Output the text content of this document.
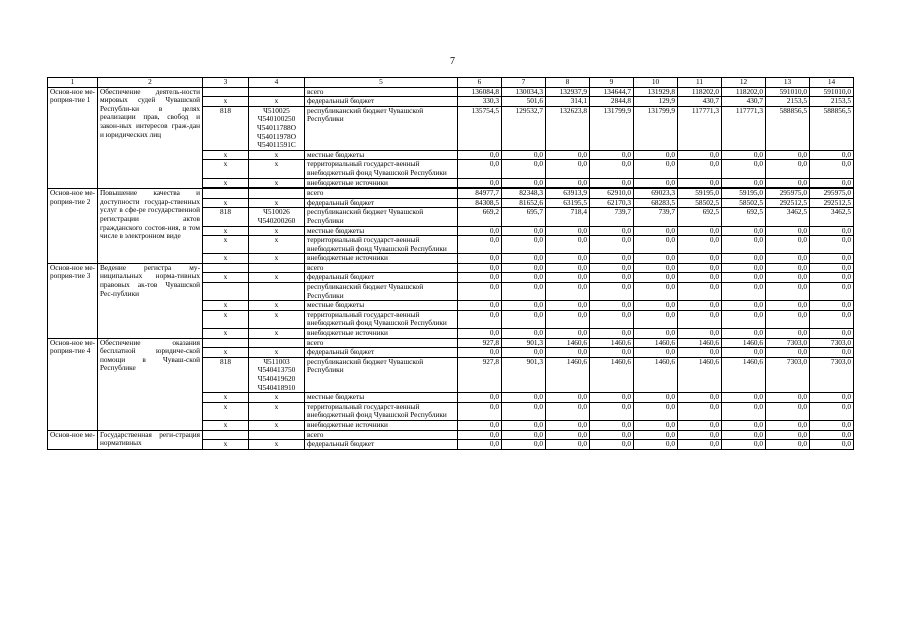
7
1	2	3	4	5	6	7	8	9	10	11	12	13	14
Основ-ное ме-роприя-тие 1	Обеспечение деятель-ности мировых судей Чувашской Республи-ки в целях реализации прав, свобод и закон-ных интересов граж-дан и юридических лиц			всего	136084,8	130034,3	132937,9	134644,7	131929,8	118202,0	118202,0	591010,0	591010,0
		x	x	федеральный бюджет	330,3	501,6	314,1	2844,8	129,9	430,7	430,7	2153,5	2153,5
		818	Ч510025 Ч540100250 Ч54011788О Ч54011978О Ч54011591С	республиканский бюджет Чувашской Республики	135754,5	129532,7	132623,8	131799,9	131799,9	117771,3	117771,3	588856,5	588856,5
		x	x	местные бюджеты	0,0	0,0	0,0	0,0	0,0	0,0	0,0	0,0	0,0
		x	x	территориальный государст-венный внебюджетный фонд Чувашской Республики	0,0	0,0	0,0	0,0	0,0	0,0	0,0	0,0	0,0
		x	x	внебюджетные источники	0,0	0,0	0,0	0,0	0,0	0,0	0,0	0,0	0,0

Основ-ное ме-роприя-тие 2	Повышение качества и доступности государ-ственных услуг в сфе-ре государственной регистрации актов гражданского состоя-ния, в том числе в электронном виде			всего	84977,7	82348,3	63913,9	62910,0	69023,3	59195,0	59195,0	295975,0	295975,0
		x	x	федеральный бюджет	84308,5	81652,6	63195,5	62170,3	68283,5	58502,5	58502,5	292512,5	292512,5
		818	Ч510026 Ч540200260	республиканский бюджет Чувашской Республики	669,2	695,7	718,4	739,7	739,7	692,5	692,5	3462,5	3462,5
		x	x	местные бюджеты	0,0	0,0	0,0	0,0	0,0	0,0	0,0	0,0	0,0
		x	x	территориальный государст-венный внебюджетный фонд Чувашской Республики	0,0	0,0	0,0	0,0	0,0	0,0	0,0	0,0	0,0
		x	x	внебюджетные источники	0,0	0,0	0,0	0,0	0,0	0,0	0,0	0,0	0,0
Основ-ное ме-роприя-тие 3	Ведение регистра му-ниципальных норма-тивных правовых ак-тов Чувашской Рес-публики			всего	0,0	0,0	0,0	0,0	0,0	0,0	0,0	0,0	0,0
		x	x	федеральный бюджет	0,0	0,0	0,0	0,0	0,0	0,0	0,0	0,0	0,0
				республиканский бюджет Чувашской Республики	0,0	0,0	0,0	0,0	0,0	0,0	0,0	0,0	0,0
		x	x	местные бюджеты	0,0	0,0	0,0	0,0	0,0	0,0	0,0	0,0	0,0
		x	x	территориальный государст-венный внебюджетный фонд Чувашской Республики	0,0	0,0	0,0	0,0	0,0	0,0	0,0	0,0	0,0
		x	x	внебюджетные источники	0,0	0,0	0,0	0,0	0,0	0,0	0,0	0,0	0,0
Основ-ное ме-роприя-тие 4	Обеспечение оказания бесплатной юридиче-ской помощи в Чуваш-ской Республике			всего	927,8	901,3	1460,6	1460,6	1460,6	1460,6	1460,6	7303,0	7303,0
		x	x	федеральный бюджет	0,0	0,0	0,0	0,0	0,0	0,0	0,0	0,0	0,0
		818	Ч511003 Ч540413750 Ч540419620 Ч540418910	республиканский бюджет Чувашской Республики	927,8	901,3	1460,6	1460,6	1460,6	1460,6	1460,6	7303,0	7303,0
		x	x	местные бюджеты	0,0	0,0	0,0	0,0	0,0	0,0	0,0	0,0	0,0
		x	x	территориальный государст-венный внебюджетный фонд Чувашской Республики	0,0	0,0	0,0	0,0	0,0	0,0	0,0	0,0	0,0
		x	x	внебюджетные источники	0,0	0,0	0,0	0,0	0,0	0,0	0,0	0,0	0,0
Основ-ное ме-	Государственная реги-страция нормативных			всего	0,0	0,0	0,0	0,0	0,0	0,0	0,0	0,0	0,0
		x	x	федеральный бюджет	0,0	0,0	0,0	0,0	0,0	0,0	0,0	0,0	0,0
